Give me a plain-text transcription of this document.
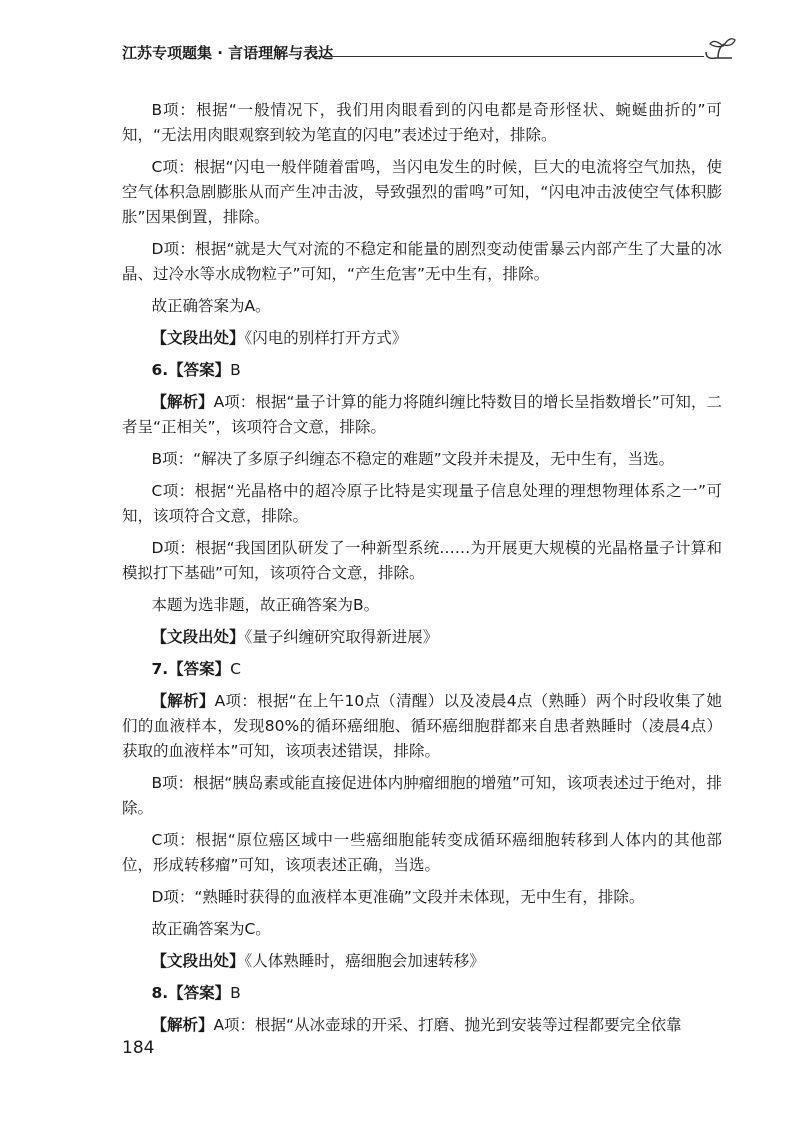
江苏专项题集 · 言语理解与表达

B项：根据“一般情况下，我们用肉眼看到的闪电都是奇形怪状、蜿蜒曲折的”可知，“无法用肉眼观察到较为笔直的闪电”表述过于绝对，排除。

C项：根据“闪电一般伴随着雷鸣，当闪电发生的时候，巨大的电流将空气加热，使空气体积急剧膨胀从而产生冲击波，导致强烈的雷鸣”可知，“闪电冲击波使空气体积膨胀”因果倒置，排除。

D项：根据“就是大气对流的不稳定和能量的剧烈变动使雷暴云内部产生了大量的冰晶、过冷水等水成物粒子”可知，“产生危害”无中生有，排除。

故正确答案为A。

【文段出处】《闪电的别样打开方式》

6.【答案】B

【解析】A项：根据“量子计算的能力将随纠缠比特数目的增长呈指数增长”可知，二者呈“正相关”，该项符合文意，排除。

B项：“解决了多原子纠缠态不稳定的难题”文段并未提及，无中生有，当选。

C项：根据“光晶格中的超冷原子比特是实现量子信息处理的理想物理体系之一”可知，该项符合文意，排除。

D项：根据“我国团队研发了一种新型系统……为开展更大规模的光晶格量子计算和模拟打下基础”可知，该项符合文意，排除。

本题为选非题，故正确答案为B。

【文段出处】《量子纠缠研究取得新进展》

7.【答案】C

【解析】A项：根据“在上午10点（清醒）以及凌晨4点（熟睡）两个时段收集了她们的血液样本，发现80%的循环癌细胞、循环癌细胞群都来自患者熟睡时（凌晨4点）获取的血液样本”可知，该项表述错误，排除。

B项：根据“胰岛素或能直接促进体内肿瘤细胞的增殖”可知，该项表述过于绝对，排除。

C项：根据“原位癌区域中一些癌细胞能转变成循环癌细胞转移到人体内的其他部位，形成转移瘤”可知，该项表述正确，当选。

D项：“熟睡时获得的血液样本更准确”文段并未体现，无中生有，排除。

故正确答案为C。

【文段出处】《人体熟睡时，癌细胞会加速转移》

8.【答案】B

【解析】A项：根据“从冰壶球的开采、打磨、抛光到安装等过程都要完全依靠

184
